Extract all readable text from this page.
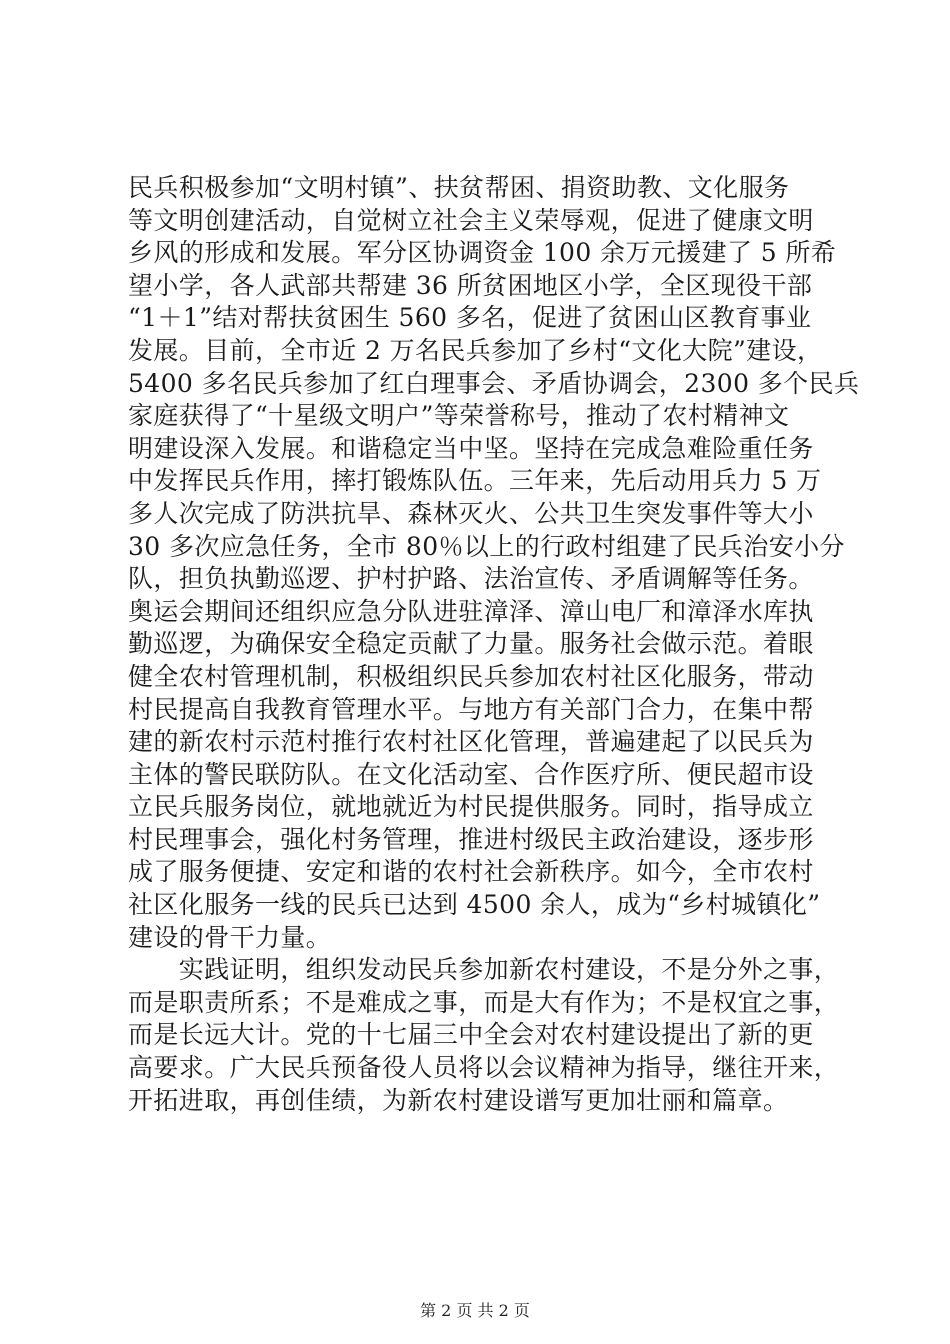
民兵积极参加“文明村镇”、扶贫帮困、捐资助教、文化服务
等文明创建活动，自觉树立社会主义荣辱观，促进了健康文明
乡风的形成和发展。军分区协调资金 100 余万元援建了 5 所希
望小学，各人武部共帮建 36 所贫困地区小学，全区现役干部
“1＋1”结对帮扶贫困生 560 多名，促进了贫困山区教育事业
发展。目前，全市近 2 万名民兵参加了乡村“文化大院”建设，
5400 多名民兵参加了红白理事会、矛盾协调会，2300 多个民兵
家庭获得了“十星级文明户”等荣誉称号，推动了农村精神文
明建设深入发展。和谐稳定当中坚。坚持在完成急难险重任务
中发挥民兵作用，摔打锻炼队伍。三年来，先后动用兵力 5 万
多人次完成了防洪抗旱、森林灭火、公共卫生突发事件等大小
30 多次应急任务，全市 80％以上的行政村组建了民兵治安小分
队，担负执勤巡逻、护村护路、法治宣传、矛盾调解等任务。
奥运会期间还组织应急分队进驻漳泽、漳山电厂和漳泽水库执
勤巡逻，为确保安全稳定贡献了力量。服务社会做示范。着眼
健全农村管理机制，积极组织民兵参加农村社区化服务，带动
村民提高自我教育管理水平。与地方有关部门合力，在集中帮
建的新农村示范村推行农村社区化管理，普遍建起了以民兵为
主体的警民联防队。在文化活动室、合作医疗所、便民超市设
立民兵服务岗位，就地就近为村民提供服务。同时，指导成立
村民理事会，强化村务管理，推进村级民主政治建设，逐步形
成了服务便捷、安定和谐的农村社会新秩序。如今，全市农村
社区化服务一线的民兵已达到 4500 余人，成为“乡村城镇化”
建设的骨干力量。
　　实践证明，组织发动民兵参加新农村建设，不是分外之事，
而是职责所系；不是难成之事，而是大有作为；不是权宜之事，
而是长远大计。党的十七届三中全会对农村建设提出了新的更
高要求。广大民兵预备役人员将以会议精神为指导，继往开来，
开拓进取，再创佳绩，为新农村建设谱写更加壮丽和篇章。
第 2 页 共 2 页
